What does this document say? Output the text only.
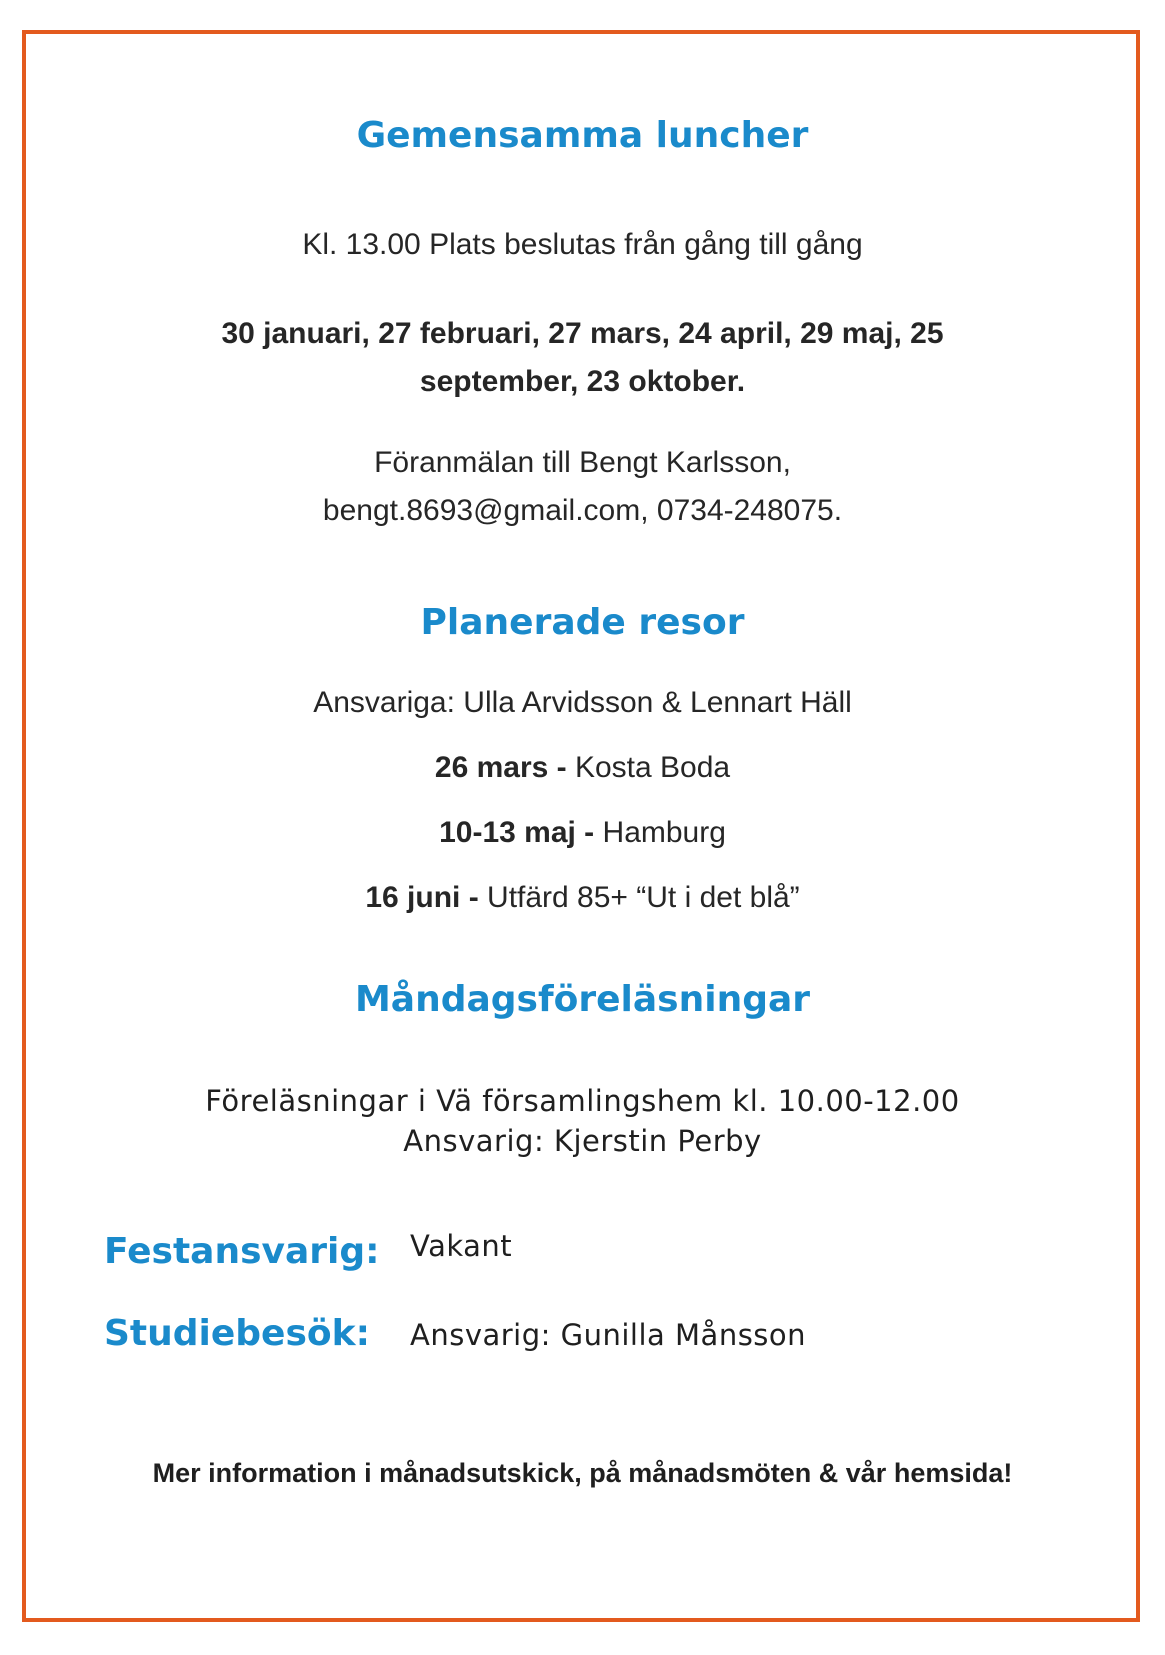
Gemensamma luncher
Kl. 13.00 Plats beslutas från gång till gång
30 januari, 27 februari, 27 mars, 24 april, 29 maj, 25
september, 23 oktober.
Föranmälan till Bengt Karlsson,
bengt.8693@gmail.com, 0734-248075.
Planerade resor
Ansvariga: Ulla Arvidsson & Lennart Häll
26 mars - Kosta Boda
10-13 maj - Hamburg
16 juni - Utfärd 85+ “Ut i det blå”
Måndagsföreläsningar
Föreläsningar i Vä församlingshem kl. 10.00-12.00
Ansvarig: Kjerstin Perby
Festansvarig: Vakant
Studiebesök: Ansvarig: Gunilla Månsson
Mer information i månadsutskick, på månadsmöten & vår hemsida!
